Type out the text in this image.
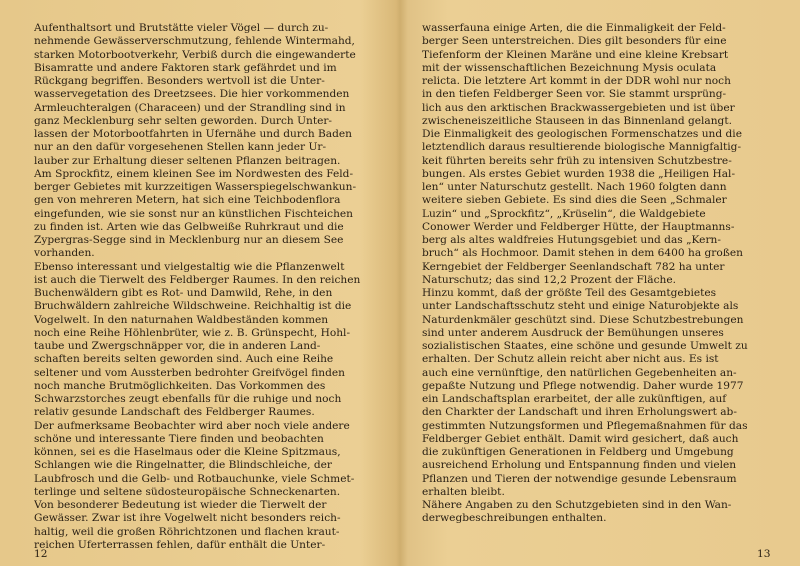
Aufenthaltsort und Brutstätte vieler Vögel — durch zu-
nehmende Gewässerverschmutzung, fehlende Wintermahd,
starken Motorbootverkehr, Verbiß durch die eingewanderte
Bisamratte und andere Faktoren stark gefährdet und im
Rückgang begriffen. Besonders wertvoll ist die Unter-
wasservegetation des Dreetzsees. Die hier vorkommenden
Armleuchteralgen (Characeen) und der Strandling sind in
ganz Mecklenburg sehr selten geworden. Durch Unter-
lassen der Motorbootfahrten in Ufernähe und durch Baden
nur an den dafür vorgesehenen Stellen kann jeder Ur-
lauber zur Erhaltung dieser seltenen Pflanzen beitragen.
Am Sprockfitz, einem kleinen See im Nordwesten des Feld-
berger Gebietes mit kurzzeitigen Wasserspiegelschwankun-
gen von mehreren Metern, hat sich eine Teichbodenflora
eingefunden, wie sie sonst nur an künstlichen Fischteichen
zu finden ist. Arten wie das Gelbweiße Ruhrkraut und die
Zypergras-Segge sind in Mecklenburg nur an diesem See
vorhanden.
Ebenso interessant und vielgestaltig wie die Pflanzenwelt
ist auch die Tierwelt des Feldberger Raumes. In den reichen
Buchenwäldern gibt es Rot- und Damwild, Rehe, in den
Bruchwäldern zahlreiche Wildschweine. Reichhaltig ist die
Vogelwelt. In den naturnahen Waldbeständen kommen
noch eine Reihe Höhlenbrüter, wie z. B. Grünspecht, Hohl-
taube und Zwergschnäpper vor, die in anderen Land-
schaften bereits selten geworden sind. Auch eine Reihe
seltener und vom Aussterben bedrohter Greifvögel finden
noch manche Brutmöglichkeiten. Das Vorkommen des
Schwarzstorches zeugt ebenfalls für die ruhige und noch
relativ gesunde Landschaft des Feldberger Raumes.
Der aufmerksame Beobachter wird aber noch viele andere
schöne und interessante Tiere finden und beobachten
können, sei es die Haselmaus oder die Kleine Spitzmaus,
Schlangen wie die Ringelnatter, die Blindschleiche, der
Laubfrosch und die Gelb- und Rotbauchunke, viele Schmet-
terlinge und seltene südosteuropäische Schneckenarten.
Von besonderer Bedeutung ist wieder die Tierwelt der
Gewässer. Zwar ist ihre Vogelwelt nicht besonders reich-
haltig, weil die großen Röhrichtzonen und flachen kraut-
reichen Uferterrassen fehlen, dafür enthält die Unter-
12
wasserfauna einige Arten, die die Einmaligkeit der Feld-
berger Seen unterstreichen. Dies gilt besonders für eine
Tiefenform der Kleinen Maräne und eine kleine Krebsart
mit der wissenschaftlichen Bezeichnung Mysis oculata
relicta. Die letztere Art kommt in der DDR wohl nur noch
in den tiefen Feldberger Seen vor. Sie stammt ursprüng-
lich aus den arktischen Brackwassergebieten und ist über
zwischeneiszeitliche Stauseen in das Binnenland gelangt.
Die Einmaligkeit des geologischen Formenschatzes und die
letztendlich daraus resultierende biologische Mannigfaltig-
keit führten bereits sehr früh zu intensiven Schutzbestre-
bungen. Als erstes Gebiet wurden 1938 die „Heiligen Hal-
len“ unter Naturschutz gestellt. Nach 1960 folgten dann
weitere sieben Gebiete. Es sind dies die Seen „Schmaler
Luzin“ und „Sprockfitz“, „Krüselin“, die Waldgebiete
Conower Werder und Feldberger Hütte, der Hauptmanns-
berg als altes waldfreies Hutungsgebiet und das „Kern-
bruch“ als Hochmoor. Damit stehen in dem 6400 ha großen
Kerngebiet der Feldberger Seenlandschaft 782 ha unter
Naturschutz; das sind 12,2 Prozent der Fläche.
Hinzu kommt, daß der größte Teil des Gesamtgebietes
unter Landschaftsschutz steht und einige Naturobjekte als
Naturdenkmäler geschützt sind. Diese Schutzbestrebungen
sind unter anderem Ausdruck der Bemühungen unseres
sozialistischen Staates, eine schöne und gesunde Umwelt zu
erhalten. Der Schutz allein reicht aber nicht aus. Es ist
auch eine vernünftige, den natürlichen Gegebenheiten an-
gepaßte Nutzung und Pflege notwendig. Daher wurde 1977
ein Landschaftsplan erarbeitet, der alle zukünftigen, auf
den Charkter der Landschaft und ihren Erholungswert ab-
gestimmten Nutzungsformen und Pflegemaßnahmen für das
Feldberger Gebiet enthält. Damit wird gesichert, daß auch
die zukünftigen Generationen in Feldberg und Umgebung
ausreichend Erholung und Entspannung finden und vielen
Pflanzen und Tieren der notwendige gesunde Lebensraum
erhalten bleibt.
Nähere Angaben zu den Schutzgebieten sind in den Wan-
derwegbeschreibungen enthalten.
13
